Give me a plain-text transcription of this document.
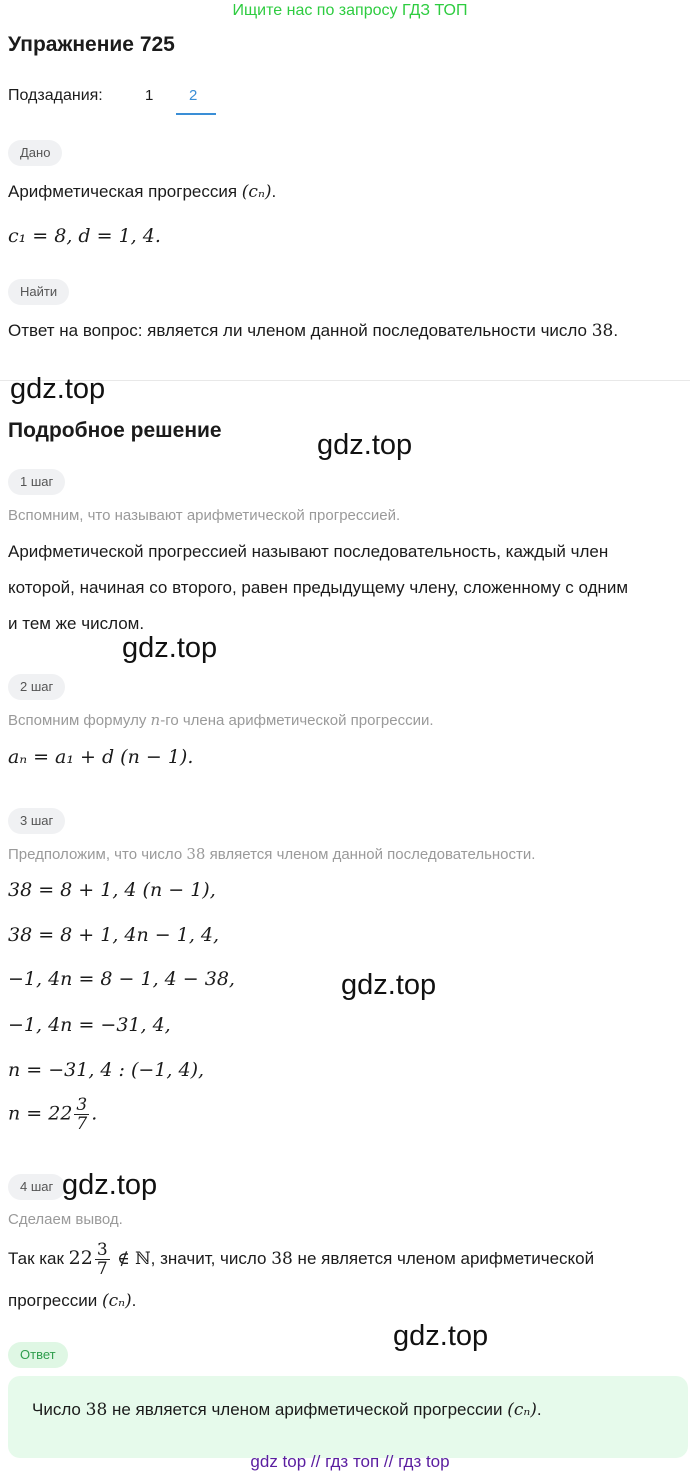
Ищите нас по запросу ГДЗ ТОП
Упражнение 725
Подзадания:	1 2
Дано
Арифметическая прогрессия (cₙ).
c₁ = 8, d = 1, 4.
Найти
Ответ на вопрос: является ли членом данной последовательности число 38.
gdz.top
Подробное решение	gdz.top
1 шаг
Вспомним, что называют арифметической прогрессией.
Арифметической прогрессией называют последовательность, каждый член
которой, начиная со второго, равен предыдущему члену, сложенному с одним
и тем же числом.
gdz.top
2 шаг
Вспомним формулу n-го члена арифметической прогрессии.
aₙ = a₁ + d (n − 1).
3 шаг
Предположим, что число 38 является членом данной последовательности.
38 = 8 + 1, 4 (n − 1),
38 = 8 + 1, 4n − 1, 4,
−1, 4n = 8 − 1, 4 − 38,
−1, 4n = −31, 4,
n = −31, 4 : (−1, 4),
$n = 22 \frac{3}{7}$ .
gdz.top
4 шаг gdz.top
Сделаем вывод.
Так как $22 \frac{3}{7}$ ∉ ℕ, значит, число 38 не является членом арифметической
прогрессии (cₙ).
gdz.top
Ответ
Число 38 не является членом арифметической прогрессии (cₙ).
gdz top // гдз топ // гдз top
